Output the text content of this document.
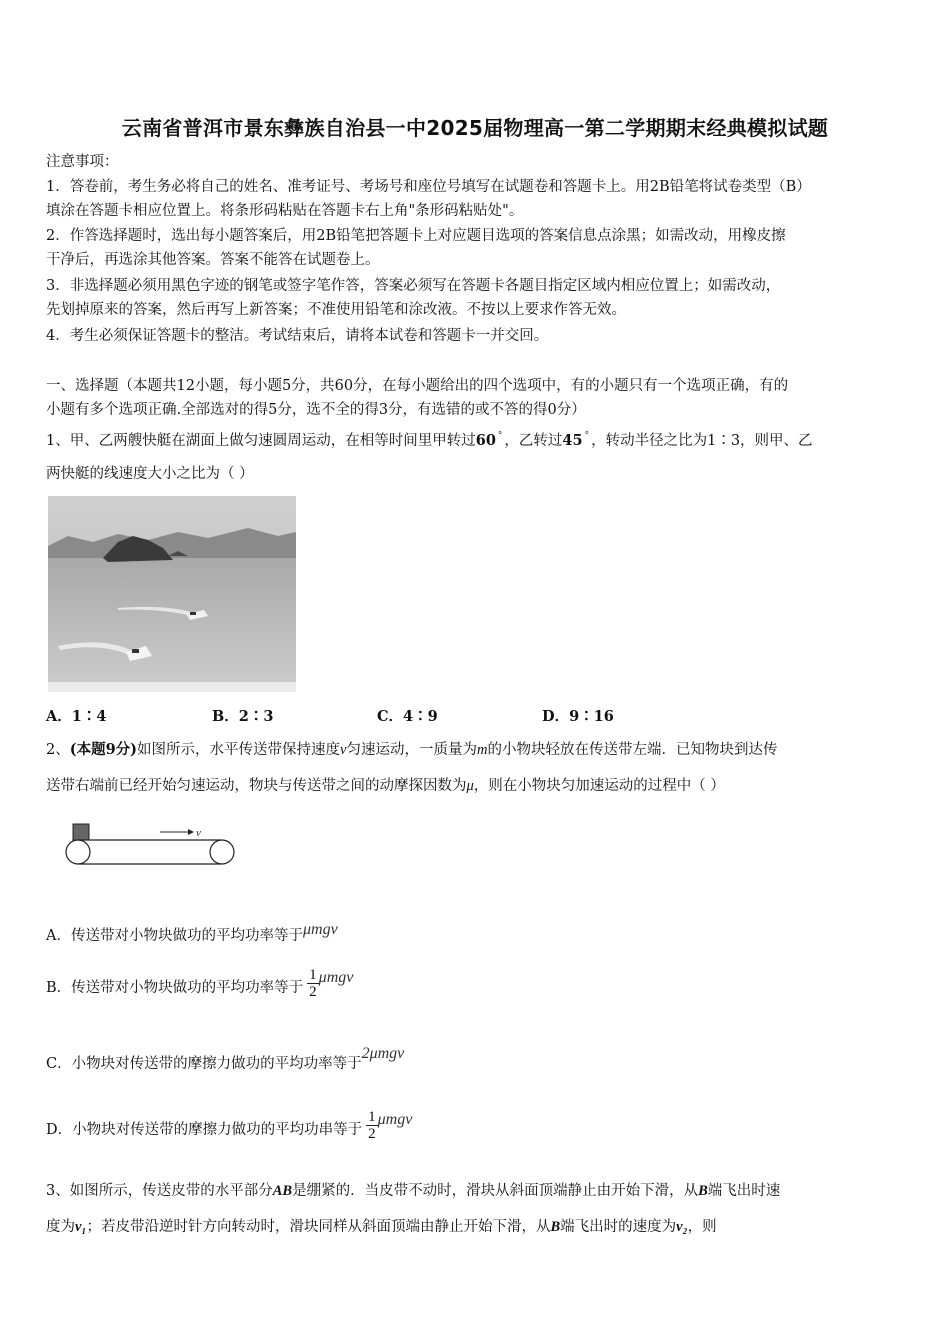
云南省普洱市景东彝族自治县一中2025届物理高一第二学期期末经典模拟试题
注意事项：
1．答卷前，考生务必将自己的姓名、准考证号、考场号和座位号填写在试题卷和答题卡上。用2B铅笔将试卷类型（B）
填涂在答题卡相应位置上。将条形码粘贴在答题卡右上角"条形码粘贴处"。
2．作答选择题时，选出每小题答案后，用2B铅笔把答题卡上对应题目选项的答案信息点涂黑；如需改动，用橡皮擦
干净后，再选涂其他答案。答案不能答在试题卷上。
3．非选择题必须用黑色字迹的钢笔或签字笔作答，答案必须写在答题卡各题目指定区域内相应位置上；如需改动，
先划掉原来的答案，然后再写上新答案；不准使用铅笔和涂改液。不按以上要求作答无效。
4．考生必须保证答题卡的整洁。考试结束后，请将本试卷和答题卡一并交回。
一、选择题（本题共12小题，每小题5分，共60分，在每小题给出的四个选项中，有的小题只有一个选项正确，有的
小题有多个选项正确.全部选对的得5分，选不全的得3分，有选错的或不答的得0分）
1、甲、乙两艘快艇在湖面上做匀速圆周运动，在相等时间里甲转过60 ° ，乙转过45 ° ，转动半径之比为1∶3，则甲、乙
两快艇的线速度大小之比为（ ）
A．1∶4	B．2∶3	C．4∶9	D．9∶16
2、(本题9分)如图所示，水平传送带保持速度v匀速运动，一质量为m的小物块轻放在传送带左端．已知物块到达传
送带右端前已经开始匀速运动，物块与传送带之间的动摩探因数为μ，则在小物块匀加速运动的过程中（ ）
v
A．传送带对小物块做功的平均功率等于μmgv
B．传送带对小物块做功的平均功率等于 $\frac{1}{2}$ μmgv
C．小物块对传送带的摩擦力做功的平均功率等于2μmgv
D．小物块对传送带的摩擦力做功的平均功串等于 $\frac{1}{2}$ μmgv
3、如图所示，传送皮带的水平部分AB是绷紧的．当皮带不动时，滑块从斜面顶端静止由开始下滑，从B端飞出时速
度为v₁；若皮带沿逆时针方向转动时，滑块同样从斜面顶端由静止开始下滑，从B端飞出时的速度为v₂，则
